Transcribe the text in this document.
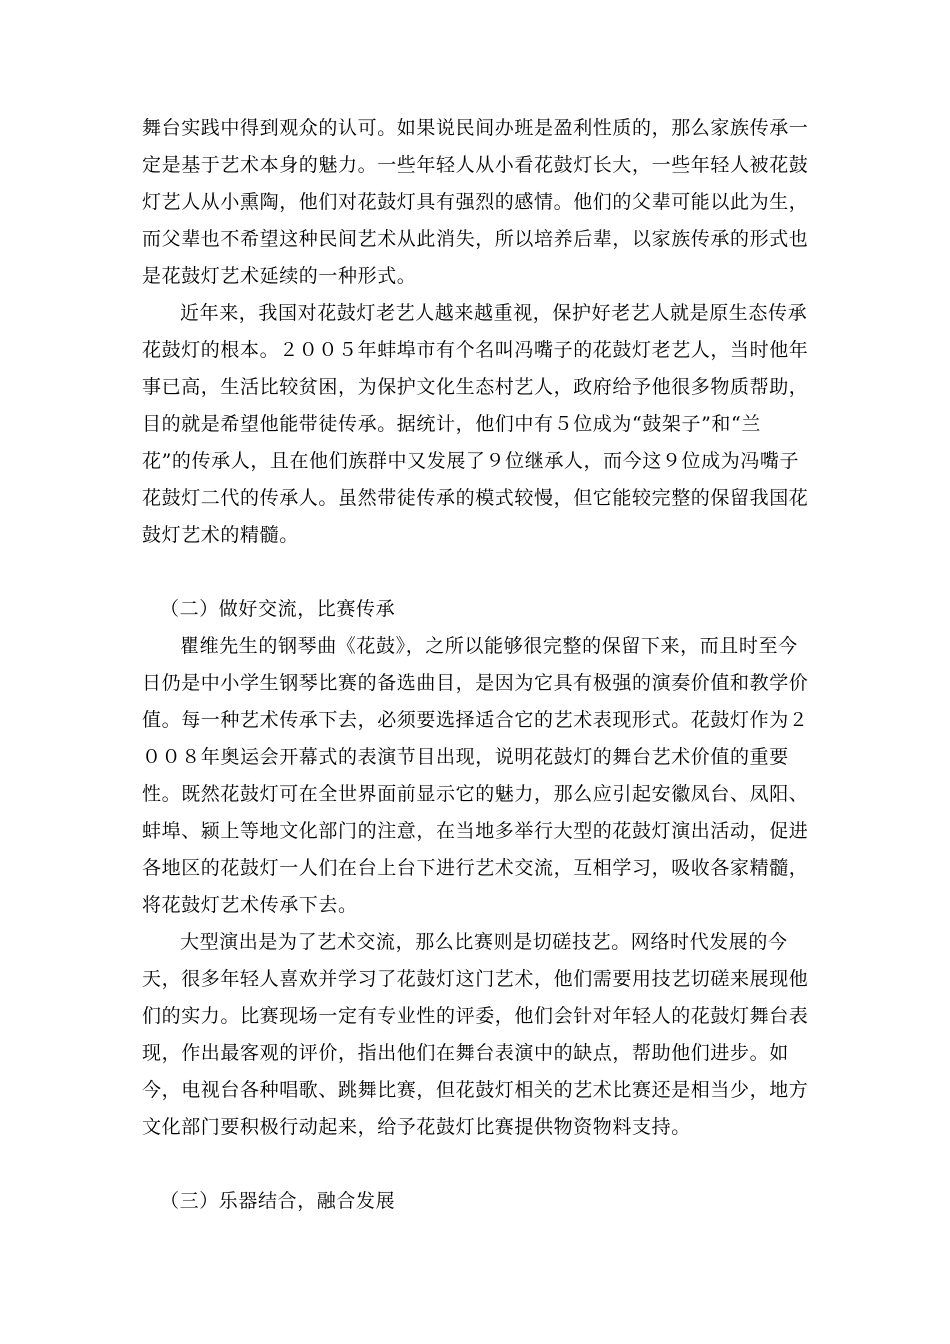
舞台实践中得到观众的认可。如果说民间办班是盈利性质的，那么家族传承一
定是基于艺术本身的魅力。一些年轻人从小看花鼓灯长大，一些年轻人被花鼓
灯艺人从小熏陶，他们对花鼓灯具有强烈的感情。他们的父辈可能以此为生，
而父辈也不希望这种民间艺术从此消失，所以培养后辈，以家族传承的形式也
是花鼓灯艺术延续的一种形式。
近年来，我国对花鼓灯老艺人越来越重视，保护好老艺人就是原生态传承
花鼓灯的根本。２００５年蚌埠市有个名叫冯嘴子的花鼓灯老艺人，当时他年
事已高，生活比较贫困，为保护文化生态村艺人，政府给予他很多物质帮助，
目的就是希望他能带徒传承。据统计，他们中有５位成为“鼓架子”和“兰
花”的传承人，且在他们族群中又发展了９位继承人，而今这９位成为冯嘴子
花鼓灯二代的传承人。虽然带徒传承的模式较慢，但它能较完整的保留我国花
鼓灯艺术的精髓。
（二）做好交流，比赛传承
瞿维先生的钢琴曲《花鼓》，之所以能够很完整的保留下来，而且时至今
日仍是中小学生钢琴比赛的备选曲目，是因为它具有极强的演奏价值和教学价
值。每一种艺术传承下去，必须要选择适合它的艺术表现形式。花鼓灯作为２
００８年奥运会开幕式的表演节目出现，说明花鼓灯的舞台艺术价值的重要
性。既然花鼓灯可在全世界面前显示它的魅力，那么应引起安徽凤台、凤阳、
蚌埠、颍上等地文化部门的注意，在当地多举行大型的花鼓灯演出活动，促进
各地区的花鼓灯一人们在台上台下进行艺术交流，互相学习，吸收各家精髓，
将花鼓灯艺术传承下去。
大型演出是为了艺术交流，那么比赛则是切磋技艺。网络时代发展的今
天，很多年轻人喜欢并学习了花鼓灯这门艺术，他们需要用技艺切磋来展现他
们的实力。比赛现场一定有专业性的评委，他们会针对年轻人的花鼓灯舞台表
现，作出最客观的评价，指出他们在舞台表演中的缺点，帮助他们进步。如
今，电视台各种唱歌、跳舞比赛，但花鼓灯相关的艺术比赛还是相当少，地方
文化部门要积极行动起来，给予花鼓灯比赛提供物资物料支持。
（三）乐器结合，融合发展
